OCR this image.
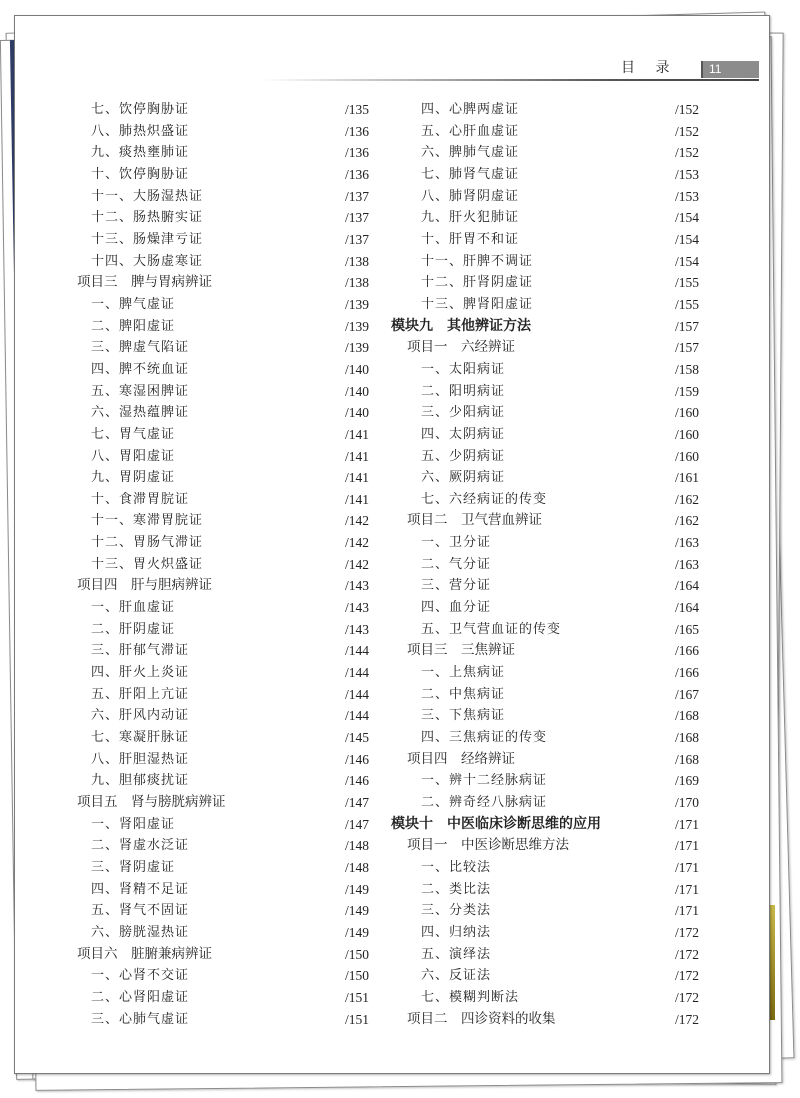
目 录	11
七、饮停胸胁证	/135
八、肺热炽盛证	/136
九、痰热壅肺证	/136
十、饮停胸胁证	/136
十一、大肠湿热证	/137
十二、肠热腑实证	/137
十三、肠燥津亏证	/137
十四、大肠虚寒证	/138
项目三　脾与胃病辨证	/138
一、脾气虚证	/139
二、脾阳虚证	/139
三、脾虚气陷证	/139
四、脾不统血证	/140
五、寒湿困脾证	/140
六、湿热蕴脾证	/140
七、胃气虚证	/141
八、胃阳虚证	/141
九、胃阴虚证	/141
十、食滞胃脘证	/141
十一、寒滞胃脘证	/142
十二、胃肠气滞证	/142
十三、胃火炽盛证	/142
项目四　肝与胆病辨证	/143
一、肝血虚证	/143
二、肝阴虚证	/143
三、肝郁气滞证	/144
四、肝火上炎证	/144
五、肝阳上亢证	/144
六、肝风内动证	/144
七、寒凝肝脉证	/145
八、肝胆湿热证	/146
九、胆郁痰扰证	/146
项目五　肾与膀胱病辨证	/147
一、肾阳虚证	/147
二、肾虚水泛证	/148
三、肾阴虚证	/148
四、肾精不足证	/149
五、肾气不固证	/149
六、膀胱湿热证	/149
项目六　脏腑兼病辨证	/150
一、心肾不交证	/150
二、心肾阳虚证	/151
三、心肺气虚证	/151
四、心脾两虚证	/152
五、心肝血虚证	/152
六、脾肺气虚证	/152
七、肺肾气虚证	/153
八、肺肾阴虚证	/153
九、肝火犯肺证	/154
十、肝胃不和证	/154
十一、肝脾不调证	/154
十二、肝肾阴虚证	/155
十三、脾肾阳虚证	/155
模块九　其他辨证方法	/157
项目一　六经辨证	/157
一、太阳病证	/158
二、阳明病证	/159
三、少阳病证	/160
四、太阴病证	/160
五、少阴病证	/160
六、厥阴病证	/161
七、六经病证的传变	/162
项目二　卫气营血辨证	/162
一、卫分证	/163
二、气分证	/163
三、营分证	/164
四、血分证	/164
五、卫气营血证的传变	/165
项目三　三焦辨证	/166
一、上焦病证	/166
二、中焦病证	/167
三、下焦病证	/168
四、三焦病证的传变	/168
项目四　经络辨证	/168
一、辨十二经脉病证	/169
二、辨奇经八脉病证	/170
模块十　中医临床诊断思维的应用	/171
项目一　中医诊断思维方法	/171
一、比较法	/171
二、类比法	/171
三、分类法	/171
四、归纳法	/172
五、演绎法	/172
六、反证法	/172
七、模糊判断法	/172
项目二　四诊资料的收集	/172
